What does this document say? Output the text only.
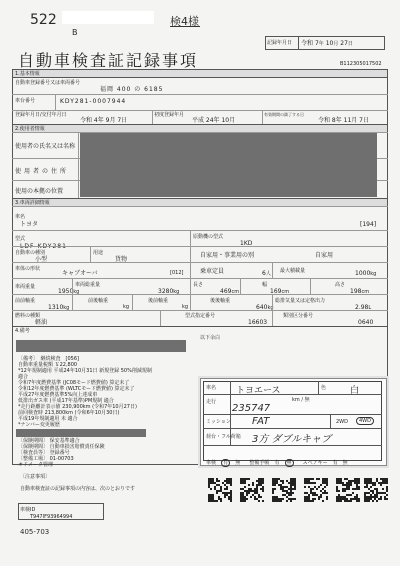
522
B
検4様
自動車検査証記録事項
記録年月日 令和 7年 10月 27日
B112305017502
1.基本情報
自動車登録番号又は車両番号
福岡 400 の 6185
車台番号	KDY281-0007944
登録年月日/交付年月日
令和 4年 9月 7日
初度登録年月
平成 24年 10月
有効期間の満了する日
令和 8年 11月 7日
2.使用者情報
使用者の氏名又は名称
使用者の住所
使用の本拠の位置
3.車両詳細情報
車名
トヨタ	[194]
型式
LDF-KDY281
原動機の型式
1KD
自動車の種別
小型
用途
貨物
自家用・事業用の別	自家用
車体の形状
キャブオーバ	[012]	乗車定員	6人 最大積載量	1000kg
車両重量
1950kg
車両総重量
3280kg
長さ
469cm
幅
169cm
高さ
198cm
前前軸重
1310kg
前後軸重
kg
後前軸重
kg
後後軸重
640kg
総排気量又は定格出力
2.98L
燃料の種類
軽油
型式指定番号
16603
類別区分番号
0640
4.備考
以下余白
〔備考〕　継続検査　[056]
自動車重量税額 ￥22,800
*12年規制適用 平成24年10月31日 新規登録 50%削減規制
適合
令和7年度燃費基準 (JC08モード燃費値) 算定未了
令和12年度燃費基準 (WLTCモード燃費値) 算定未了
平成27年度燃費基準5%向上達成車
低排出ガス車 (平成17年基準)PM規制 適合
*走行距離計表示値 230,900km (令和7年10月27日)
前回検査時 213,800km (令和6年10月30日)
平成19年規制適用 未 適合
*ナンバー変更履歴
〔保険期間〕 保安基準適合
〔保険期間〕 自動車損害賠償責任保険
〔検査員等〕 登録番号
〔整備工場〕 01-00703
オドメータ管理
車名 トヨエース	色	白
走行	km / 無
235747
ミッション FAT	2WD	4WD
荷台・フル荷箱 3方 ダブルキャブ
車検 有 無 整備手帳 有 無 スペアキー 有 無
〔注意事項〕
自動車検査証の記録事項の内容は、次のとおりです
車検ID
T947IF93964994
405-703
